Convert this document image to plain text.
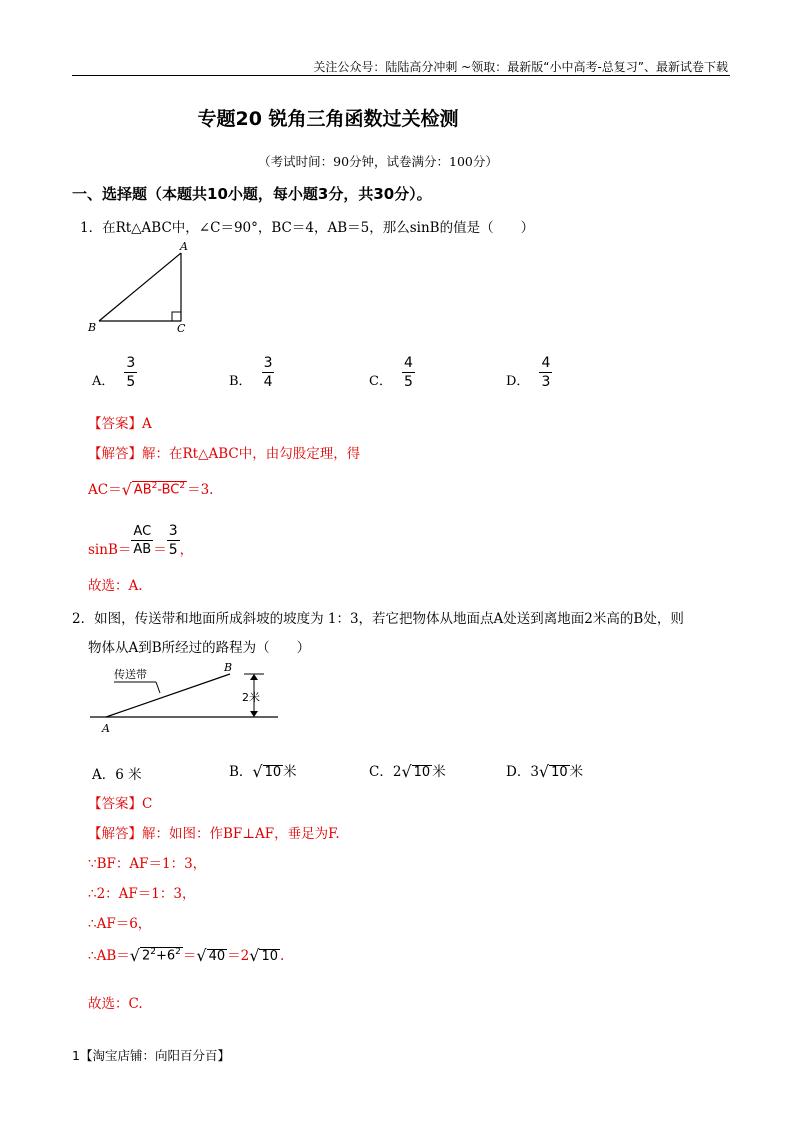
关注公众号：陆陆高分冲刺 ~领取：最新版“小中高考-总复习”、最新试卷下载
专题20 锐角三角函数过关检测
（考试时间：90分钟，试卷满分：100分）
一、选择题（本题共10小题，每小题3分，共30分）。
1．在Rt△ABC中，∠C＝90°，BC＝4，AB＝5，那么sinB的值是（　　）
A
B	C
A． $\frac{3}{5}$	B． $\frac{3}{4}$	C． $\frac{4}{5}$	D． $\frac{4}{3}$
【答案】A
【解答】解：在Rt△ABC中，由勾股定理，得
AC＝ √ $AB^2-BC^2 =3$.
$\sin B= \frac{AC}{AB} = \frac{3}{5}$ ，
故选：A.
2．如图，传送带和地面所成斜坡的坡度为 1：3，若它把物体从地面点A处送到离地面2米高的B处，则
物体从A到B所经过的路程为（　　）
传送带
2米
B
A
A．6 米	B． √ 10 米	C． 2 √ 10 米	D． 3 √ 10 米
【答案】C
【解答】解：如图：作BF⊥AF，垂足为F.
∵BF：AF＝1：3，
∴2：AF＝1：3，
∴AF＝6，
∴AB＝ √ $2^2+6^2$ ＝ √ 40 ＝2 √ 10 .
故选：C.
1【淘宝店铺：向阳百分百】
